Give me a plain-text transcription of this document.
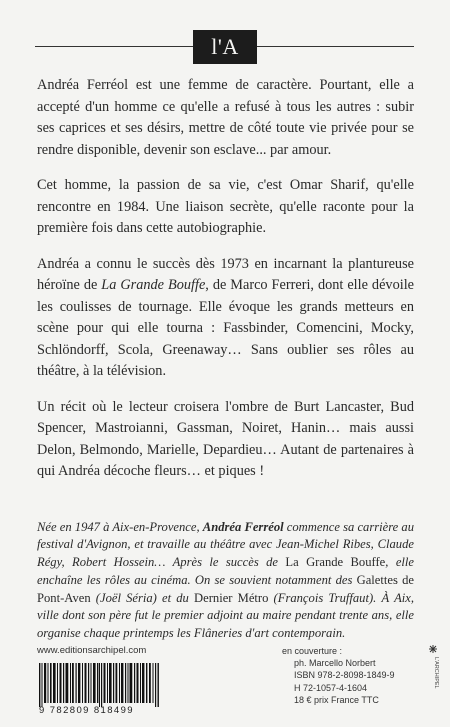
l'A

Andréa Ferréol est une femme de caractère. Pourtant, elle a accepté d'un homme ce qu'elle a refusé à tous les autres : subir ses caprices et ses désirs, mettre de côté toute vie privée pour se rendre disponible, devenir son esclave... par amour.

Cet homme, la passion de sa vie, c'est Omar Sharif, qu'elle rencontre en 1984. Une liaison secrète, qu'elle raconte pour la première fois dans cette autobiographie.

Andréa a connu le succès dès 1973 en incarnant la plantureuse héroïne de La Grande Bouffe, de Marco Ferreri, dont elle dévoile les coulisses de tournage. Elle évoque les grands metteurs en scène pour qui elle tourna : Fassbinder, Comencini, Mocky, Schlöndorff, Scola, Greenaway… Sans oublier ses rôles au théâtre, à la télévision.

Un récit où le lecteur croisera l'ombre de Burt Lancaster, Bud Spencer, Mastroianni, Gassman, Noiret, Hanin… mais aussi Delon, Belmondo, Marielle, Depardieu… Autant de partenaires à qui Andréa décoche fleurs… et piques !

Née en 1947 à Aix-en-Provence, Andréa Ferréol commence sa carrière au festival d'Avignon, et travaille au théâtre avec Jean-Michel Ribes, Claude Régy, Robert Hossein… Après le succès de La Grande Bouffe, elle enchaîne les rôles au cinéma. On se souvient notamment des Galettes de Pont-Aven (Joël Séria) et du Dernier Métro (François Truffaut). À Aix, ville dont son père fut le premier adjoint au maire pendant trente ans, elle organise chaque printemps les Flâneries d'art contemporain.

www.editionsarchipel.com
9 782809 818499
en couverture :
ph. Marcello Norbert
ISBN 978-2-8098-1849-9
H 72-1057-4-1604
18 € prix France TTC
L'ARCHIPEL
